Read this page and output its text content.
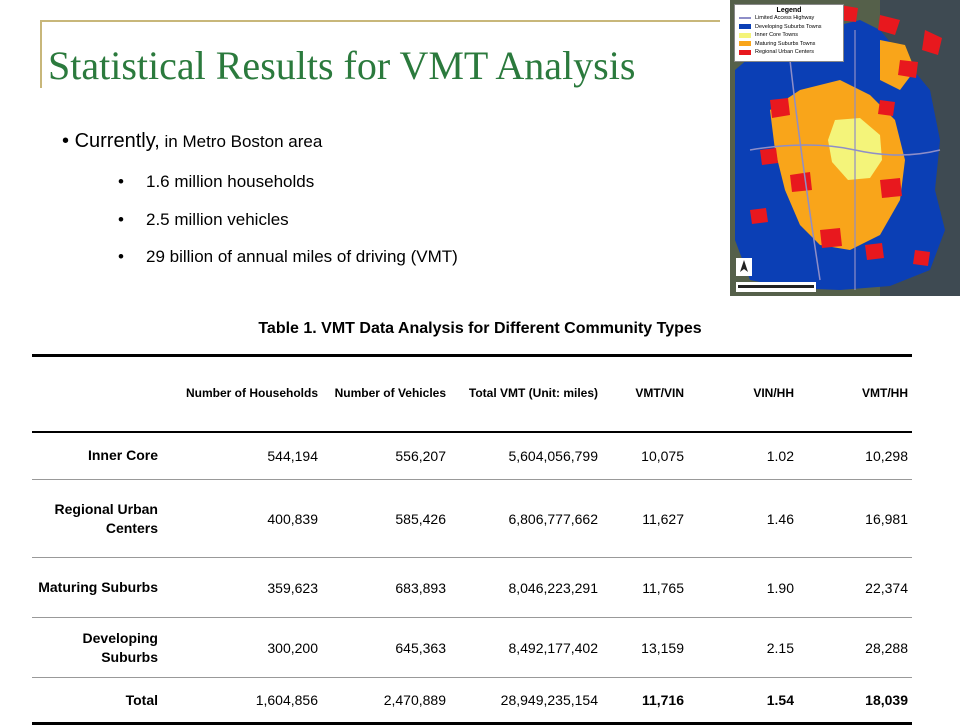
Statistical Results for VMT Analysis
• Currently, in Metro Boston area
• 1.6 million households
• 2.5 million vehicles
• 29 billion of annual miles of driving (VMT)
Legend
Limited Access Highway
Developing Suburbs Towns
Inner Core Towns
Maturing Suburbs Towns
Regional Urban Centers

Table 1. VMT Data Analysis for Different Community Types

	Number of Households	Number of Vehicles	Total VMT (Unit: miles)	VMT/VIN	VIN/HH	VMT/HH
Inner Core	544,194	556,207	5,604,056,799	10,075	1.02	10,298
Regional Urban Centers	400,839	585,426	6,806,777,662	11,627	1.46	16,981
Maturing Suburbs	359,623	683,893	8,046,223,291	11,765	1.90	22,374
Developing Suburbs	300,200	645,363	8,492,177,402	13,159	2.15	28,288
Total	1,604,856	2,470,889	28,949,235,154	11,716	1.54	18,039
